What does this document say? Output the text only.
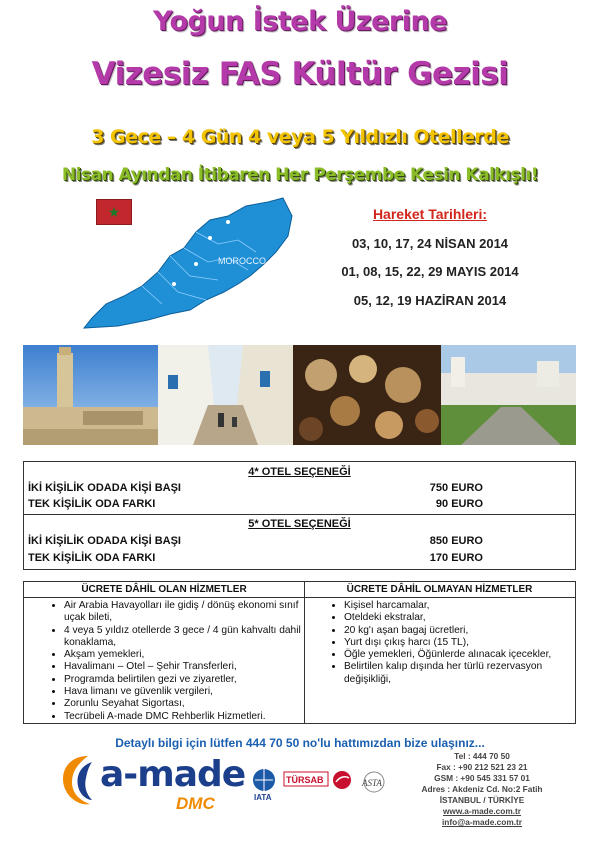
Yoğun İstek Üzerine
Vizesiz FAS Kültür Gezisi
3 Gece – 4 Gün 4 veya 5 Yıldızlı Otellerde
Nisan Ayından İtibaren Her Perşembe Kesin Kalkışlı!
MOROCCO
★	Hareket Tarihleri:
03, 10, 17, 24 NİSAN 2014
01, 08, 15, 22, 29 MAYIS 2014
05, 12, 19 HAZİRAN 2014
4* OTEL SEÇENEĞİ
İKİ KİŞİLİK ODADA KİŞİ BAŞI	750 EURO
TEK KİŞİLİK ODA FARKI	90 EURO
5* OTEL SEÇENEĞİ
İKİ KİŞİLİK ODADA KİŞİ BAŞI	850 EURO
TEK KİŞİLİK ODA FARKI	170 EURO
ÜCRETE DÂHİL OLAN HİZMETLER
• Air Arabia Havayolları ile gidiş / dönüş ekonomi sınıf uçak bileti,
• 4 veya 5 yıldız otellerde 3 gece / 4 gün kahvaltı dahil konaklama,
• Akşam yemekleri,
• Havalimanı – Otel – Şehir Transferleri,
• Programda belirtilen gezi ve ziyaretler,
• Hava limanı ve güvenlik vergileri,
• Zorunlu Seyahat Sigortası,
• Tecrübeli A-made DMC Rehberlik Hizmetleri.
ÜCRETE DÂHİL OLMAYAN HİZMETLER
• Kişisel harcamalar,
• Oteldeki ekstralar,
• 20 kg'ı aşan bagaj ücretleri,
• Yurt dışı çıkış harcı (15 TL),
• Öğle yemekleri, Öğünlerde alınacak içecekler,
• Belirtilen kalıp dışında her türlü rezervasyon değişikliği,
Detaylı bilgi için lütfen 444 70 50 no'lu hattımızdan bize ulaşınız...
a-made
DMC	IATA
TÜRSAB	ASTA
Tel : 444 70 50
Fax : +90 212 521 23 21
GSM : +90 545 331 57 01
Adres : Akdeniz Cd. No:2 Fatih
İSTANBUL / TÜRKİYE
www.a-made.com.tr
info@a-made.com.tr
